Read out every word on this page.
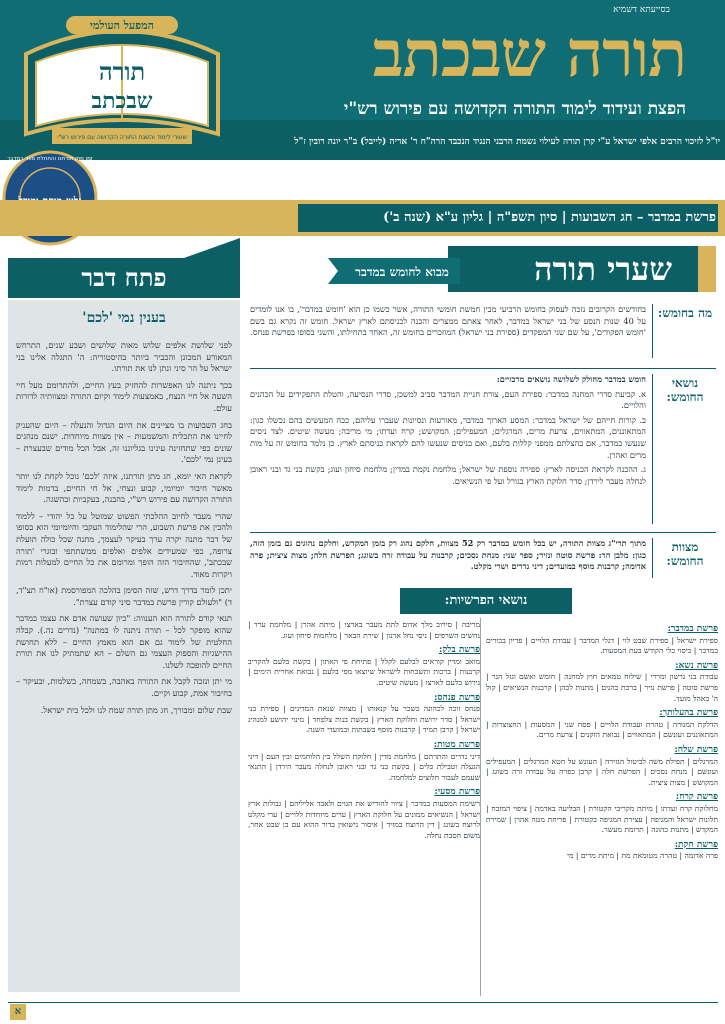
בסייעתא דשמיא
תורה שבכתב
הפצת ועידוד לימוד התורה הקדושה עם פירוש רש"י
יו"ל לזיכוי הרבים אלפי ישראל ע"י קרן תורה לעילוי נשמת הרבני הנגיד הנכבד הרה"ח ר' אריה (לייבל) ב"ר יונה רובין ז"ל
המפעל העולמי
תורה
שבכתב
שעורי לימוד והשגת התורה הקדושה עם פירוש רש"י
זמן מתן תורתנו והתחלת ספר במדבר
פרשת במדבר – חג השבועות | סיון תשפ"ה | גליון ע"א (שנה ב')
פתח דבר
בענין נמי 'לכם'

לפני שלושת אלפים שלוש מאות שלושים ושבע שנים, התרחש המאורע המכונן והכביר ביותר בהיסטוריה: ה' התגלה אלינו בני ישראל על הר סיני ונתן לנו את תורתו.

בכך ניתנה לנו האפשרות להחזיק בעץ החיים, ולהתרומם מעל חיי השעה אל חיי הנצח, באמצעות לימוד וקיום התורה ומצוותיה לדורות עולם.

בחג השבועות בו מציינים את היום הגדול והנעלה – היום שהעניק לחיינו את התכלית והמשמעות – אין מצוות מיוחדות. ישנם מנהגים שונים כפי שתחזינה עינינו בגליוננו זה, אבל הכל מודים שבעצרת – בעינן נמי 'לכם'.

לקראת האי יומא, חג מתן תורתנו, איזה 'לכם' נוכל לקחת לנו יותר מאשר חיבור יומיומי, קבוע ונצחי, אל חי החיים, בדמות לימוד התורה הקדושה עם פירוש רש"י, בהבנה, בעקביות ובהשגה.

שהרי מעבר לחיוב ההלכתי הפשוט שמוטל על כל יהודי – ללמוד ולהבין את פרשת השבוע, הרי שהלימוד העקבי והיומיומי הוא בסופו של דבר מתנה יקרה ערך בעיקר לעצמך, מתנה שכל כולה תועלת צרופה, כפי שמעידים אלפים ואלפים ממשתתפי ובוגרי 'תורה שבכתב', שהחיבור הזה הופך ומרומם את כל החיים למעלות רמות ויקרות מאוד.

יתכן לומר בדרך דרש, שזה הסימן בהלכה המפורסמת (או"ח תצ"ד, ד) "ולעולם קורין פרשת במדבר סיני קודם עצרת".

תנאי קודם לתורה הוא הענווה: "כיון שעושה אדם את עצמו כמדבר שהוא מופקר לכל – תורה ניתנה לו במתנה" (נדרים נה.). קבלה החלטית של לימוד גם אם הוא מאמץ החיים – ללא תחושת ההישגיות והספוק העצמי גם השלם – הא שתמתיק לנו את תורת החיים להופכה לשלנו.

מי יתן ונזכה לקבל את התורה באהבה, בשמחה, בשלמות, ובעיקר – בחיבור אמת, קבוע וקיים.

שבת שלום ומבורך, חג מתן תורה שמח לנו ולכל בית ישראל.

שערי תורה
מבוא לחומש במדבר
מה בחומש:

בחודשים הקרובים נזכה לעסוק בחומש הרביעי מבין חמשת חומשי התורה, אשר כשמו כן הוא 'חומש במדבר', בו אנו לומדים על 40 שנות הנסע של בני ישראל במדבר, לאחר צאתם ממצרים והכנה לכניסתם לארץ ישראל. חומש זה נקרא גם בשם 'חומש הפקודים', על שם שני המפקדים (ספירת בני ישראל) המוזכרים בחומש זה, האחד בתחילתו, והשני בסופו בפרשת פנחס.

נושאי החומש:

חומש במדבר מחולק לשלושה נושאים מרכזיים:

א. קביעת סדרי המחנה במדבר: ספירת העם, צורת חניית המדבר סביב למשכן, סדרי הנסיעה, והטלת התפקידים על הכהנים והלויים.

ב. קורות חייהם של ישראל במדבר: המסע הארוך במדבר, מאורעות ונסיונות שעברו עליהם, ככה המעשים בהם נכשלו כגון: המתאוננים, המתאווים, צרעת מרים, המרגלים; המעפילים; המקושש; קרח ועדתו; מי מריבה; מעשה שיטים. לצד ניסים שנעשו במדבר, אם בהצלתם ממפני קללות בלעם, ואם בניסים שנעשו להם לקראת כניסתם לארץ. כן נלמד בחומש זה על מות מרים ואהרן.

ג. ההכנה לקראת הכניסה לארץ: ספירה נוספת של ישראל; מלחמת נקמת במדין; מלחמת סיחון ועוג; בקשת בני גד ובני ראובן לנחלה מעבר לירדן; סדר חלוקת הארץ בגורל ועל פי הנשיאים.

מצוות החומש:

מתוך תרי"ג מצוות התורה, יש בכל חומש במדבר רק 52 מצוות, חלקם נהוג רק בזמן המקדש, וחלקם נהוגים גם בזמן הזה, כגון: מלבן הר: פרשת סוטה ונזיר; ספר שני: מנחת נסכים; קרבנות על עבודה זרה בשוגג; הפרשת חלה; מצות ציצית; פרה אדומה; קרבנות מוסף במועדים; דיני נדרים ושרי מקלט.

נושאי הפרשיות:
פרשת במדבר:

ספירת ישראל | ספירת שבט לוי | דגלי המדבר | עבודת הלויים | פדיון בכורים במדבר | כיסוי כלי הקודש בעת המסעות.

פרשת נשא:

עבודת בני גרשון ומררי | שילוח טמאים חוץ למחנה | חומש ואשם וגזל הגר | פרשת סוטה | פרשת נזיר | ברכת כהנים | מתנות לכהן | קרבנות הנשיאים | קול ה' באהל מועד.

פרשת בהעלותך:

הדלקת המנורה | טהרת ועבודת הלויים | פסח שני | המסעות | החצוצרות | המתאוננים ועונשם | המתאווים | נבואת הזקנים | צרעת מרים.

פרשת שלח:

המרגלים | תפילת משה לביטול הגזירה | העונש על חטא המרגלים | המעפילים ועונשם | מנחת נסכים | הפרשת חלה | קרבן כפרה על עבודה זרה בשוגג | המקושש | מצות ציצית.

פרשת קרח:

מחלוקת קרח ועדתו | מיתת מקריבי הקטורת | הבליעה באדמה | ציפוי המזבח | תלונות ישראל והמגיפה | עצירת המגיפה בקטורת | פריחת מטה אהרן | שמירת המקדש | מתנות כהונה | תרומת מעשר.

פרשת חקת:

פרה אדומה | טהרה מטומאת מת | מיתת מרים | מי

מריבה | סירוב מלך אדום לתת מעבר בארצו | מיתת אהרן | מלחמת ערד | נחשים השרפים | ניסי נחל ארנון | שירת הבאר | מלחמות סיחון ועוג.

פרשת בלק:

מואב ומדין קוראים לבלעם לקלל | פתיחת פי האתון | בקשת בלעם להקריב קרבנות | ברכות ותשבחות לישראל שיוצאו מפי בלעם | נבואת אחרית הימים | גירוש בלעם לארצו | מעשה שיטים.

פרשת פנחס:

פנחס זוכה לכהונה כשכר על קנאותו | מצוות שנאת המדינים | ספירת בני ישראל | סדר ירושת וחלוקת הארץ | בקשת בנות צלפחד | מינוי יהושע למנהיג ישראל | קרבן תמיד | קרבנות מוסף בשבתות ובמועדי השנה.

פרשת מטות:

דיני נדרים והתרתם | מלחמת מדין | חלוקת השלל בין הלוחמים ובין העם | דיני הגעלה וטבילת כלים | בקשת בני גד ובני ראובן לנחלה מעבר הירדן | התנאי שעמם לעבור חלוצים למלחמה.

פרשת מסעי:

רשימת המסעות במדבר | ציווי להוריש את הגוים ולאבד אליליהם | גבולות ארץ ישראל | הנשיאים ממונים על חלוקת הארץ | ערים מיוחדות ללויים | ערי מקלט לרוצח בשוגג | דין הרוצח במזיד | איסור נישואין בדור ההוא עם בן שבט אחר, משום הסבת נחלה.

א
